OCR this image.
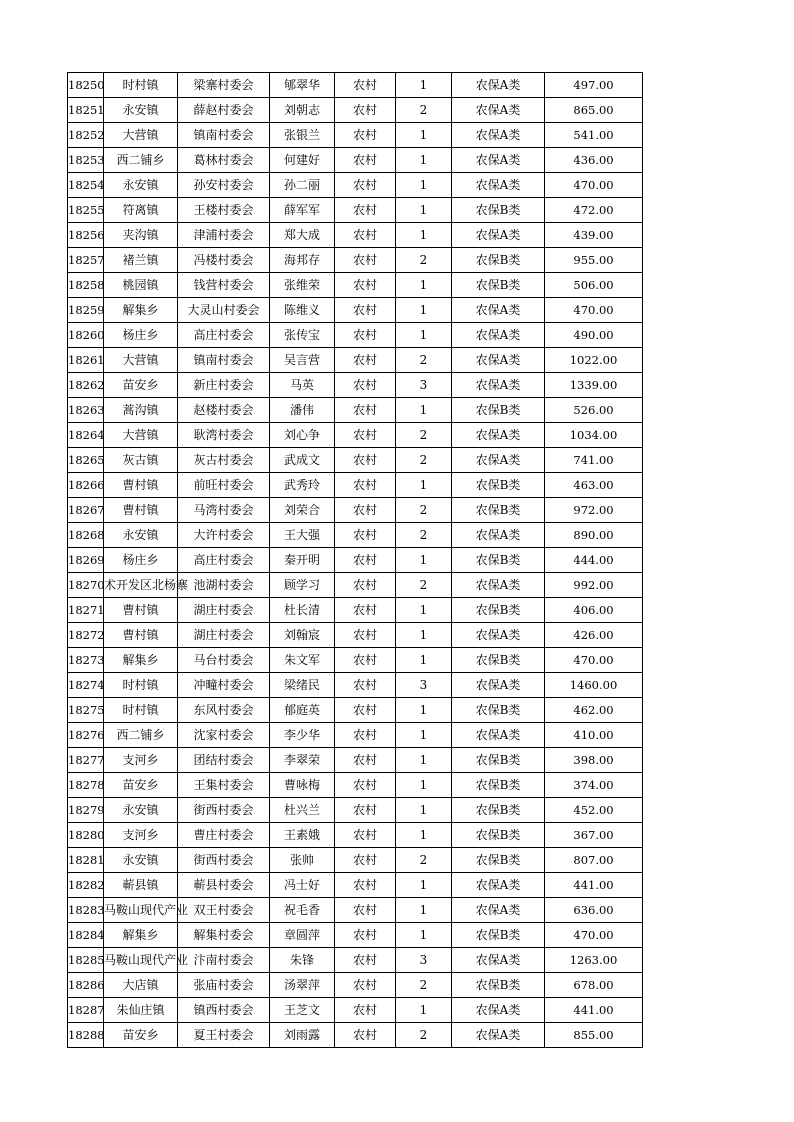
18250	时村镇	梁寨村委会	郇翠华	农村	1	农保A类	497.00
18251	永安镇	薛赵村委会	刘朝志	农村	2	农保A类	865.00
18252	大营镇	镇南村委会	张银兰	农村	1	农保A类	541.00
18253	西二铺乡	葛林村委会	何建好	农村	1	农保A类	436.00
18254	永安镇	孙安村委会	孙二丽	农村	1	农保A类	470.00
18255	符离镇	王楼村委会	薛军军	农村	1	农保B类	472.00
18256	夹沟镇	津浦村委会	郑大成	农村	1	农保A类	439.00
18257	褚兰镇	冯楼村委会	海邦存	农村	2	农保B类	955.00
18258	桃园镇	钱营村委会	张维荣	农村	1	农保B类	506.00
18259	解集乡	大灵山村委会	陈维义	农村	1	农保A类	470.00
18260	杨庄乡	高庄村委会	张传宝	农村	1	农保A类	490.00
18261	大营镇	镇南村委会	吴言营	农村	2	农保A类	1022.00
18262	苗安乡	新庄村委会	马英	农村	3	农保A类	1339.00
18263	蒿沟镇	赵楼村委会	潘伟	农村	1	农保B类	526.00
18264	大营镇	耿湾村委会	刘心争	农村	2	农保A类	1034.00
18265	灰古镇	灰古村委会	武成文	农村	2	农保A类	741.00
18266	曹村镇	前旺村委会	武秀玲	农村	1	农保B类	463.00
18267	曹村镇	马湾村委会	刘荣合	农村	2	农保B类	972.00
18268	永安镇	大许村委会	王大强	农村	2	农保A类	890.00
18269	杨庄乡	高庄村委会	秦开明	农村	1	农保B类	444.00
18270	术开发区北杨寨	池湖村委会	顾学习	农村	2	农保A类	992.00
18271	曹村镇	湖庄村委会	杜长清	农村	1	农保B类	406.00
18272	曹村镇	湖庄村委会	刘翰宸	农村	1	农保A类	426.00
18273	解集乡	马台村委会	朱文军	农村	1	农保B类	470.00
18274	时村镇	冲疃村委会	梁绪民	农村	3	农保A类	1460.00
18275	时村镇	东风村委会	郁庭英	农村	1	农保B类	462.00
18276	西二铺乡	沈家村委会	李少华	农村	1	农保A类	410.00
18277	支河乡	团结村委会	李翠荣	农村	1	农保B类	398.00
18278	苗安乡	王集村委会	曹咏梅	农村	1	农保B类	374.00
18279	永安镇	街西村委会	杜兴兰	农村	1	农保B类	452.00
18280	支河乡	曹庄村委会	王素娥	农村	1	农保B类	367.00
18281	永安镇	街西村委会	张帅	农村	2	农保B类	807.00
18282	蕲县镇	蕲县村委会	冯士好	农村	1	农保A类	441.00
18283	马鞍山现代产业	双王村委会	祝毛香	农村	1	农保A类	636.00
18284	解集乡	解集村委会	章圆萍	农村	1	农保B类	470.00
18285	马鞍山现代产业	汴南村委会	朱锋	农村	3	农保A类	1263.00
18286	大店镇	张庙村委会	汤翠萍	农村	2	农保B类	678.00
18287	朱仙庄镇	镇西村委会	王芝文	农村	1	农保A类	441.00
18288	苗安乡	夏王村委会	刘雨露	农村	2	农保A类	855.00
